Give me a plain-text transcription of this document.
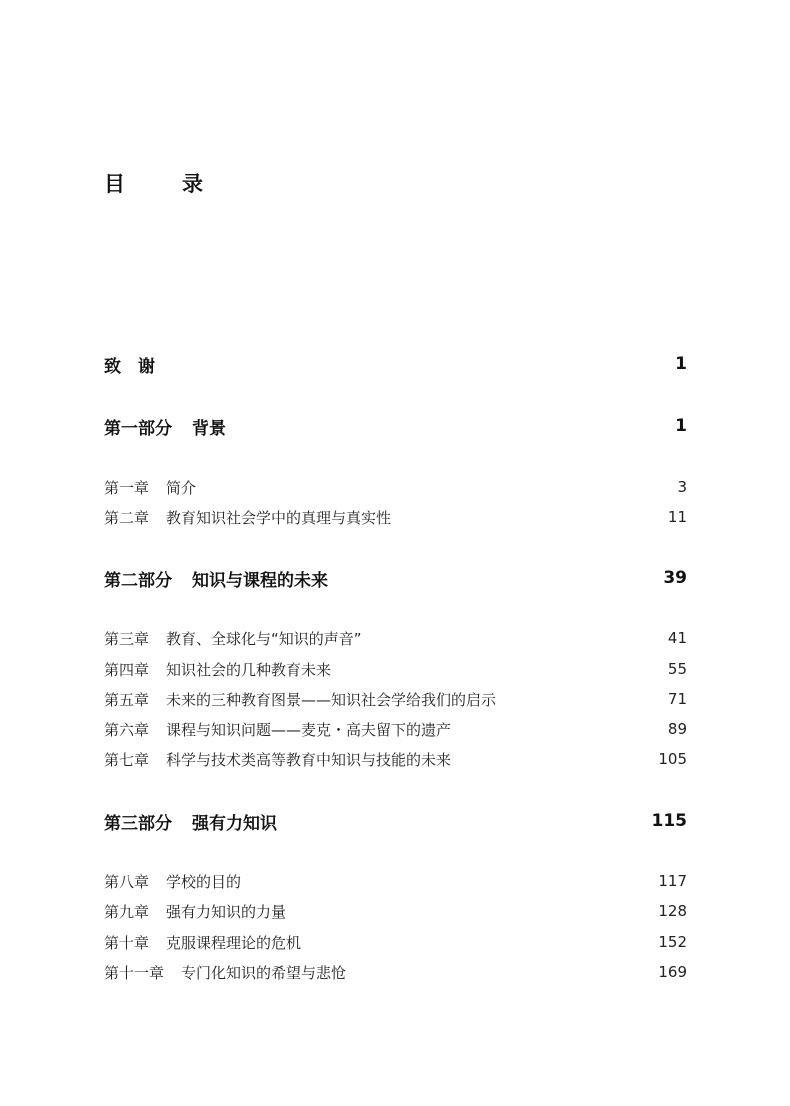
目　录
致　谢	1
第一部分 背景	1
第一章 简介	3
第二章 教育知识社会学中的真理与真实性	11
第二部分 知识与课程的未来	39
第三章 教育、全球化与“知识的声音”	41
第四章 知识社会的几种教育未来	55
第五章 未来的三种教育图景——知识社会学给我们的启示	71
第六章 课程与知识问题——麦克・高夫留下的遗产	89
第七章 科学与技术类高等教育中知识与技能的未来	105
第三部分 强有力知识	115
第八章 学校的目的	117
第九章 强有力知识的力量	128
第十章 克服课程理论的危机	152
第十一章 专门化知识的希望与悲怆	169
